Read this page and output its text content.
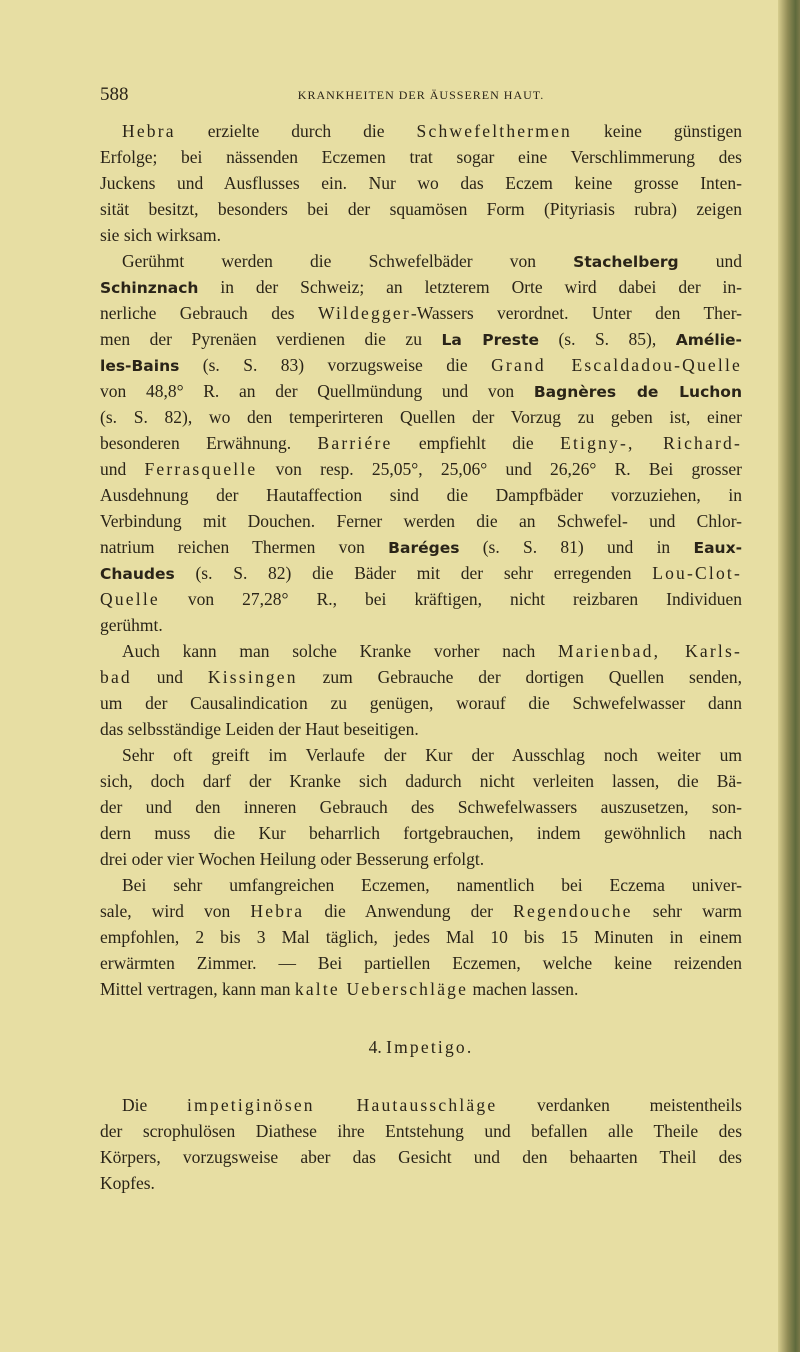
588	KRANKHEITEN DER ÄUSSEREN HAUT.
Hebra erzielte durch die Schwefelthermen keine günstigen
Erfolge; bei nässenden Eczemen trat sogar eine Verschlimmerung des
Juckens und Ausflusses ein. Nur wo das Eczem keine grosse Inten-
sität besitzt, besonders bei der squamösen Form (Pityriasis rubra) zeigen
sie sich wirksam.
Gerühmt werden die Schwefelbäder von Stachelberg und
Schinznach in der Schweiz; an letzterem Orte wird dabei der in-
nerliche Gebrauch des Wildegger-Wassers verordnet. Unter den Ther-
men der Pyrenäen verdienen die zu La Preste (s. S. 85), Amélie-
les-Bains (s. S. 83) vorzugsweise die Grand Escaldadou-Quelle
von 48,8° R. an der Quellmündung und von Bagnères de Luchon
(s. S. 82), wo den temperirteren Quellen der Vorzug zu geben ist, einer
besonderen Erwähnung. Barriére empfiehlt die Etigny-, Richard-
und Ferrasquelle von resp. 25,05°, 25,06° und 26,26° R. Bei grosser
Ausdehnung der Hautaffection sind die Dampfbäder vorzuziehen, in
Verbindung mit Douchen. Ferner werden die an Schwefel- und Chlor-
natrium reichen Thermen von Baréges (s. S. 81) und in Eaux-
Chaudes (s. S. 82) die Bäder mit der sehr erregenden Lou-Clot-
Quelle von 27,28° R., bei kräftigen, nicht reizbaren Individuen
gerühmt.
Auch kann man solche Kranke vorher nach Marienbad, Karls-
bad und Kissingen zum Gebrauche der dortigen Quellen senden,
um der Causalindication zu genügen, worauf die Schwefelwasser dann
das selbsständige Leiden der Haut beseitigen.
Sehr oft greift im Verlaufe der Kur der Ausschlag noch weiter um
sich, doch darf der Kranke sich dadurch nicht verleiten lassen, die Bä-
der und den inneren Gebrauch des Schwefelwassers auszusetzen, son-
dern muss die Kur beharrlich fortgebrauchen, indem gewöhnlich nach
drei oder vier Wochen Heilung oder Besserung erfolgt.
Bei sehr umfangreichen Eczemen, namentlich bei Eczema univer-
sale, wird von Hebra die Anwendung der Regendouche sehr warm
empfohlen, 2 bis 3 Mal täglich, jedes Mal 10 bis 15 Minuten in einem
erwärmten Zimmer. — Bei partiellen Eczemen, welche keine reizenden
Mittel vertragen, kann man kalte Ueberschläge machen lassen.
4. Impetigo.
Die impetiginösen Hautausschläge verdanken meistentheils
der scrophulösen Diathese ihre Entstehung und befallen alle Theile des
Körpers, vorzugsweise aber das Gesicht und den behaarten Theil des
Kopfes.
